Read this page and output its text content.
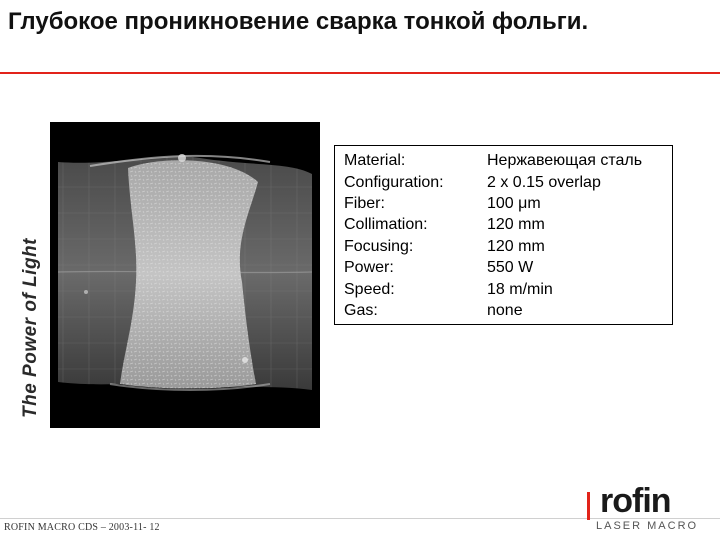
Глубокое проникновение сварка тонкой фольги.
The Power of Light
Material:	Нержавеющая сталь
Configuration:	2 x 0.15 overlap
Fiber:	100 μm
Collimation:	120 mm
Focusing:	120 mm
Power:	550 W
Speed:	18 m/min
Gas:	none
ROFIN MACRO CDS – 2003-11- 12
rofin
LASER MACRO
